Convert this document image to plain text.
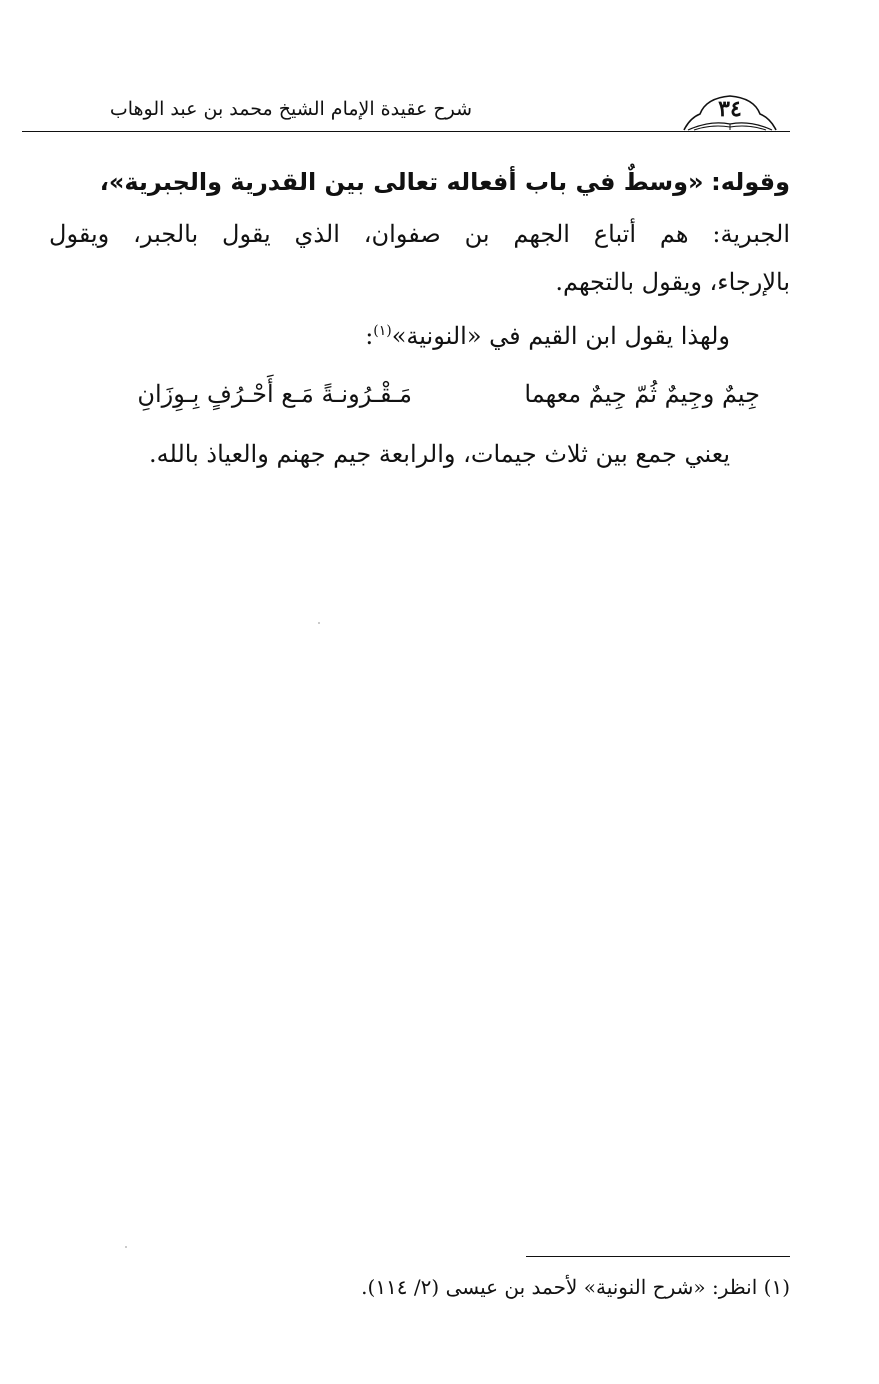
شرح عقيدة الإمام الشيخ محمد بن عبد الوهاب	٣٤
وقوله: «وسطٌ في باب أفعاله تعالى بين القدرية والجبرية»،
الجبرية: هم أتباع الجهم بن صفوان، الذي يقول بالجبر، ويقول
بالإرجاء، ويقول بالتجهم.
ولهذا يقول ابن القيم في «النونية»$^{(١)}$:
جِيمٌ وجِيمٌ ثُمّ جِيمٌ معهما
مَـقْـرُونـةً مَـع أَحْـرُفٍ بِـوِزَانِ
يعني جمع بين ثلاث جيمات، والرابعة جيم جهنم والعياذ بالله.
(١) انظر: «شرح النونية» لأحمد بن عيسى (٢/ ١١٤).
